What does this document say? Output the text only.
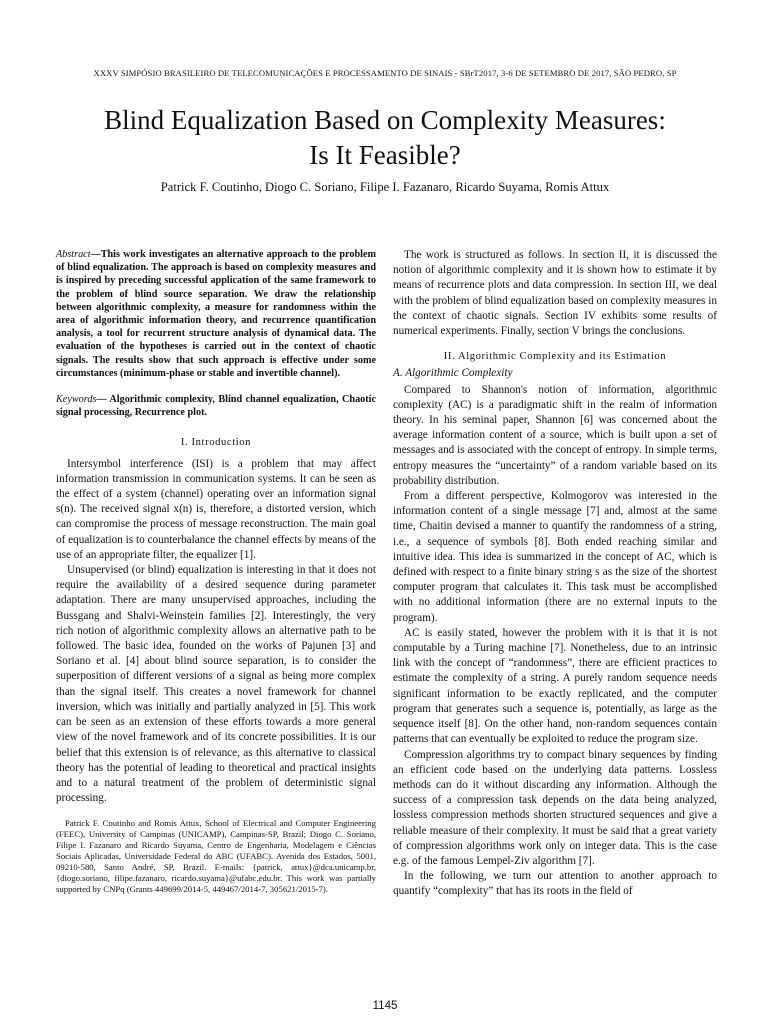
XXXV SIMPÓSIO BRASILEIRO DE TELECOMUNICAÇÕES E PROCESSAMENTO DE SINAIS - SBrT2017, 3-6 DE SETEMBRO DE 2017, SÃO PEDRO, SP
Blind Equalization Based on Complexity Measures:
Is It Feasible?
Patrick F. Coutinho, Diogo C. Soriano, Filipe I. Fazanaro, Ricardo Suyama, Romis Attux

Abstract—This work investigates an alternative approach to the problem of blind equalization. The approach is based on complexity measures and is inspired by preceding successful application of the same framework to the problem of blind source separation. We draw the relationship between algorithmic complexity, a measure for randomness within the area of algorithmic information theory, and recurrence quantification analysis, a tool for recurrent structure analysis of dynamical data. The evaluation of the hypotheses is carried out in the context of chaotic signals. The results show that such approach is effective under some circumstances (minimum-phase or stable and invertible channel).

Keywords— Algorithmic complexity, Blind channel equalization, Chaotic signal processing, Recurrence plot.

I. Introduction

Intersymbol interference (ISI) is a problem that may affect information transmission in communication systems. It can be seen as the effect of a system (channel) operating over an information signal s(n). The received signal x(n) is, therefore, a distorted version, which can compromise the process of message reconstruction. The main goal of equalization is to counterbalance the channel effects by means of the use of an appropriate filter, the equalizer [1].

Unsupervised (or blind) equalization is interesting in that it does not require the availability of a desired sequence during parameter adaptation. There are many unsupervised approaches, including the Bussgang and Shalvi-Weinstein families [2]. Interestingly, the very rich notion of algorithmic complexity allows an alternative path to be followed. The basic idea, founded on the works of Pajunen [3] and Soriano et al. [4] about blind source separation, is to consider the superposition of different versions of a signal as being more complex than the signal itself. This creates a novel framework for channel inversion, which was initially and partially analyzed in [5]. This work can be seen as an extension of these efforts towards a more general view of the novel framework and of its concrete possibilities. It is our belief that this extension is of relevance, as this alternative to classical theory has the potential of leading to theoretical and practical insights and to a natural treatment of the problem of deterministic signal processing.

Patrick F. Coutinho and Romis Attux, School of Electrical and Computer Engineering (FEEC), University of Campinas (UNICAMP), Campinas-SP, Brazil; Diogo C. Soriano, Filipe I. Fazanaro and Ricardo Suyama, Centro de Engenharia, Modelagem e Ciências Sociais Aplicadas, Universidade Federal do ABC (UFABC). Avenida dos Estados, 5001, 09210-580, Santo André, SP, Brazil. E-mails: {patrick, attux}@dca.unicamp.br, {diogo.soriano, filipe.fazanaro, ricardo.suyama}@ufabc.edu.br. This work was partially supported by CNPq (Grants 449699/2014-5, 449467/2014-7, 305621/2015-7).

The work is structured as follows. In section II, it is discussed the notion of algorithmic complexity and it is shown how to estimate it by means of recurrence plots and data compression. In section III, we deal with the problem of blind equalization based on complexity measures in the context of chaotic signals. Section IV exhibits some results of numerical experiments. Finally, section V brings the conclusions.

II. Algorithmic Complexity and its Estimation
A. Algorithmic Complexity

Compared to Shannon's notion of information, algorithmic complexity (AC) is a paradigmatic shift in the realm of information theory. In his seminal paper, Shannon [6] was concerned about the average information content of a source, which is built upon a set of messages and is associated with the concept of entropy. In simple terms, entropy measures the “uncertainty” of a random variable based on its probability distribution.

From a different perspective, Kolmogorov was interested in the information content of a single message [7] and, almost at the same time, Chaitin devised a manner to quantify the randomness of a string, i.e., a sequence of symbols [8]. Both ended reaching similar and intuitive idea. This idea is summarized in the concept of AC, which is defined with respect to a finite binary string s as the size of the shortest computer program that calculates it. This task must be accomplished with no additional information (there are no external inputs to the program).

AC is easily stated, however the problem with it is that it is not computable by a Turing machine [7]. Nonetheless, due to an intrinsic link with the concept of “randomness”, there are efficient practices to estimate the complexity of a string. A purely random sequence needs significant information to be exactly replicated, and the computer program that generates such a sequence is, potentially, as large as the sequence itself [8]. On the other hand, non-random sequences contain patterns that can eventually be exploited to reduce the program size.

Compression algorithms try to compact binary sequences by finding an efficient code based on the underlying data patterns. Lossless methods can do it without discarding any information. Although the success of a compression task depends on the data being analyzed, lossless compression methods shorten structured sequences and give a reliable measure of their complexity. It must be said that a great variety of compression algorithms work only on integer data. This is the case e.g. of the famous Lempel-Ziv algorithm [7].

In the following, we turn our attention to another approach to quantify “complexity” that has its roots in the field of

1145
